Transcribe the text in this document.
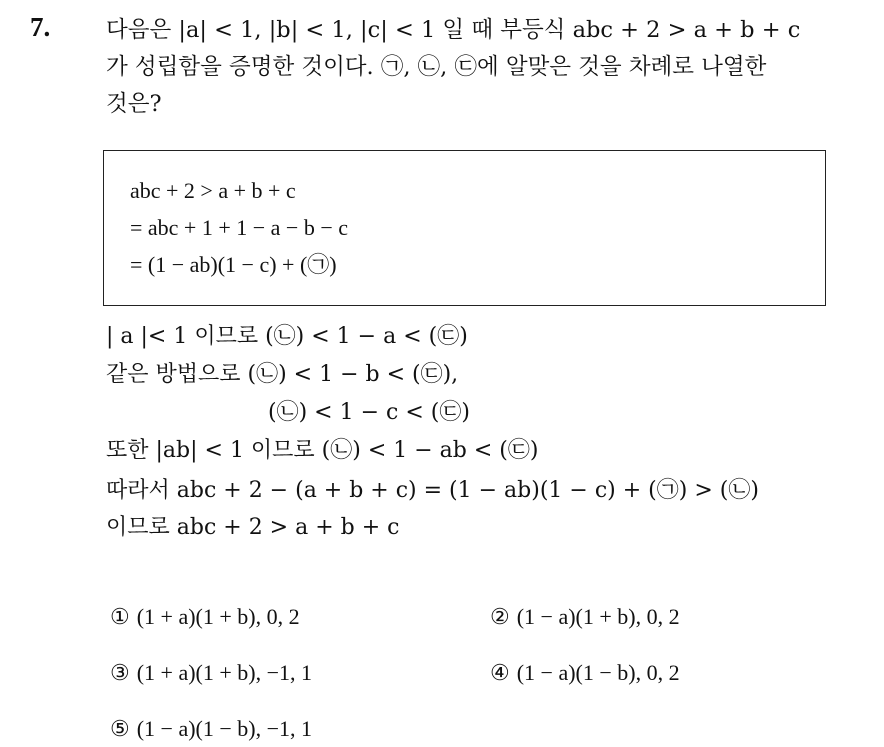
7. 다음은 |a| < 1, |b| < 1, |c| < 1 일 때 부등식 abc + 2 > a + b + c
가 성립함을 증명한 것이다. ㉠, ㉡, ㉢에 알맞은 것을 차례로 나열한
것은?
abc + 2 > a + b + c
= abc + 1 + 1 − a − b − c
= (1 − ab)(1 − c) + (㉠)
| a |< 1 이므로 (㉡) < 1 − a < (㉢)
같은 방법으로 (㉡) < 1 − b < (㉢),
(㉡) < 1 − c < (㉢)
또한 |ab| < 1 이므로 (㉡) < 1 − ab < (㉢)
따라서 abc + 2 − (a + b + c) = (1 − ab)(1 − c) + (㉠) > (㉡)
이므로 abc + 2 > a + b + c
① (1 + a)(1 + b), 0, 2	② (1 − a)(1 + b), 0, 2
③ (1 + a)(1 + b), −1, 1	④ (1 − a)(1 − b), 0, 2
⑤ (1 − a)(1 − b), −1, 1
